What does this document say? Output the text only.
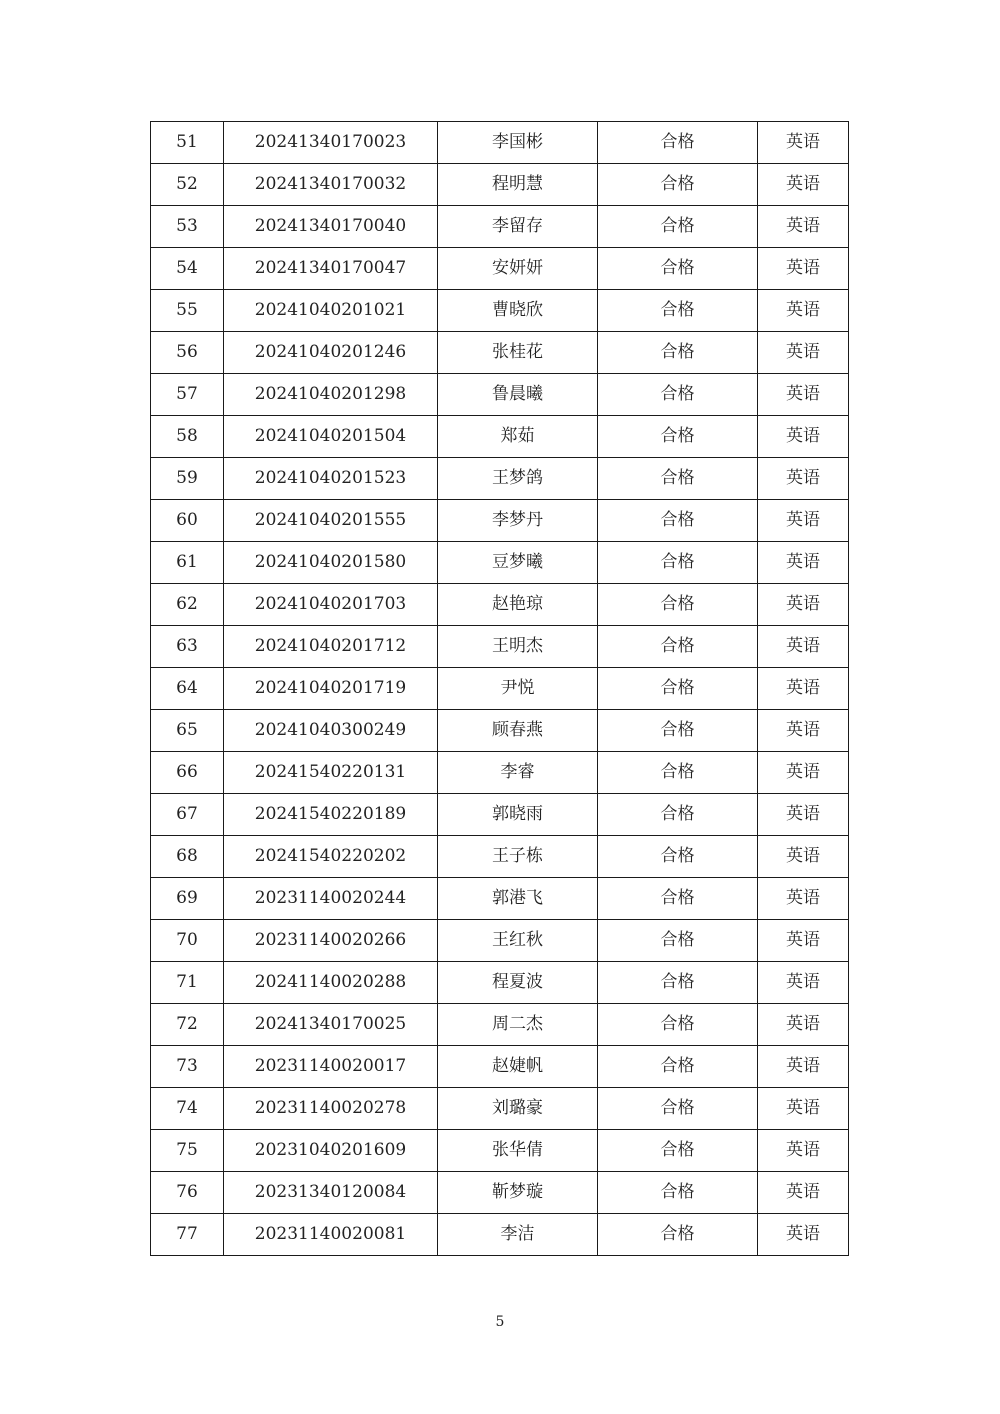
51	20241340170023	李国彬	合格	英语
52	20241340170032	程明慧	合格	英语
53	20241340170040	李留存	合格	英语
54	20241340170047	安妍妍	合格	英语
55	20241040201021	曹晓欣	合格	英语
56	20241040201246	张桂花	合格	英语
57	20241040201298	鲁晨曦	合格	英语
58	20241040201504	郑茹	合格	英语
59	20241040201523	王梦鸽	合格	英语
60	20241040201555	李梦丹	合格	英语
61	20241040201580	豆梦曦	合格	英语
62	20241040201703	赵艳琼	合格	英语
63	20241040201712	王明杰	合格	英语
64	20241040201719	尹悦	合格	英语
65	20241040300249	顾春燕	合格	英语
66	20241540220131	李睿	合格	英语
67	20241540220189	郭晓雨	合格	英语
68	20241540220202	王子栋	合格	英语
69	20231140020244	郭港飞	合格	英语
70	20231140020266	王红秋	合格	英语
71	20241140020288	程夏波	合格	英语
72	20241340170025	周二杰	合格	英语
73	20231140020017	赵婕帆	合格	英语
74	20231140020278	刘璐豪	合格	英语
75	20231040201609	张华倩	合格	英语
76	20231340120084	靳梦璇	合格	英语
77	20231140020081	李洁	合格	英语
5
